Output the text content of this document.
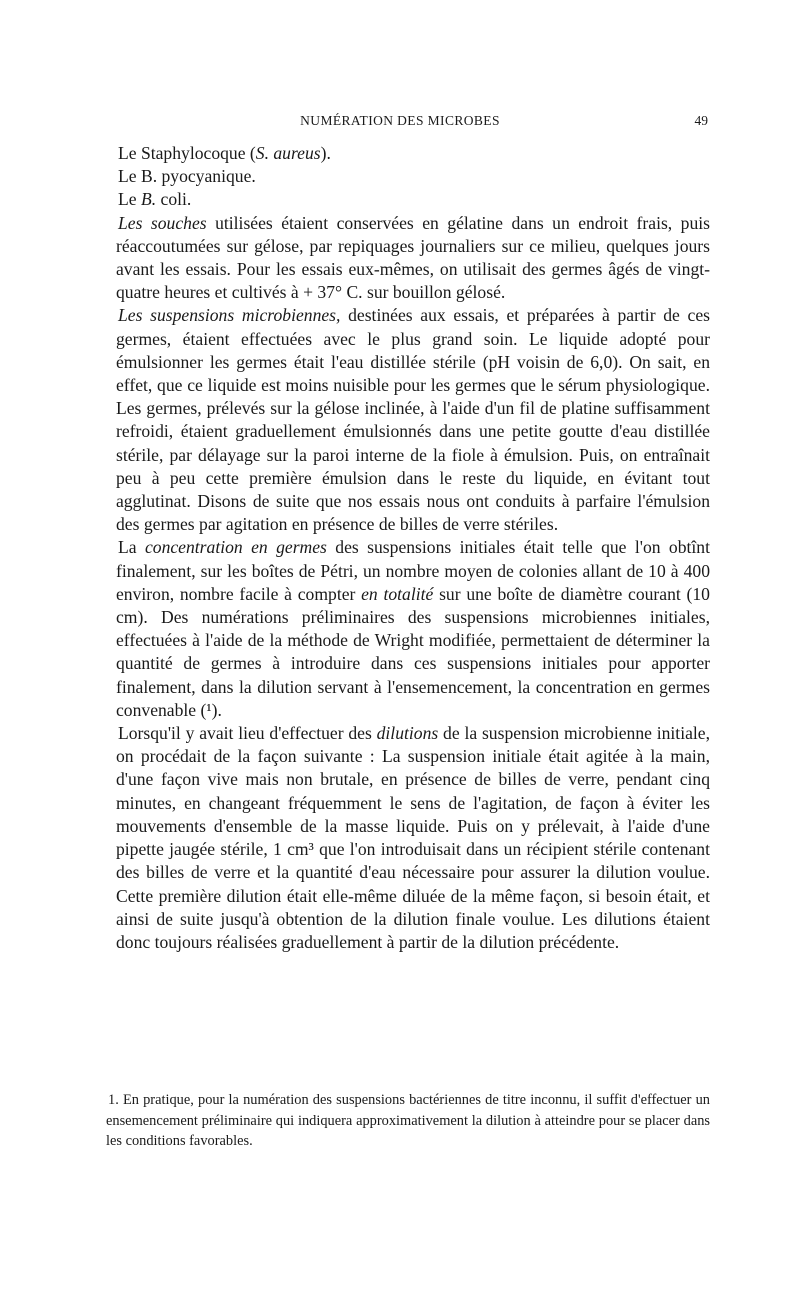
NUMÉRATION DES MICROBES	49

Le Staphylocoque (S. aureus).

Le B. pyocyanique.

Le B. coli.

Les souches utilisées étaient conservées en gélatine dans un endroit frais, puis réaccoutumées sur gélose, par repiquages journaliers sur ce milieu, quelques jours avant les essais. Pour les essais eux-mêmes, on utilisait des germes âgés de vingt-quatre heures et cultivés à + 37° C. sur bouillon gélosé.

Les suspensions microbiennes, destinées aux essais, et préparées à partir de ces germes, étaient effectuées avec le plus grand soin. Le liquide adopté pour émulsionner les germes était l'eau distillée stérile (pH voisin de 6,0). On sait, en effet, que ce liquide est moins nuisible pour les germes que le sérum physiologique. Les germes, prélevés sur la gélose inclinée, à l'aide d'un fil de platine suffisamment refroidi, étaient graduellement émulsionnés dans une petite goutte d'eau distillée stérile, par délayage sur la paroi interne de la fiole à émulsion. Puis, on entraînait peu à peu cette première émulsion dans le reste du liquide, en évitant tout agglutinat. Disons de suite que nos essais nous ont conduits à parfaire l'émulsion des germes par agitation en présence de billes de verre stériles.

La concentration en germes des suspensions initiales était telle que l'on obtînt finalement, sur les boîtes de Pétri, un nombre moyen de colonies allant de 10 à 400 environ, nombre facile à compter en totalité sur une boîte de diamètre courant (10 cm). Des numérations préliminaires des suspensions microbiennes initiales, effectuées à l'aide de la méthode de Wright modifiée, permettaient de déterminer la quantité de germes à introduire dans ces suspensions initiales pour apporter finalement, dans la dilution servant à l'ensemencement, la concentration en germes convenable (¹).

Lorsqu'il y avait lieu d'effectuer des dilutions de la suspension microbienne initiale, on procédait de la façon suivante : La suspension initiale était agitée à la main, d'une façon vive mais non brutale, en présence de billes de verre, pendant cinq minutes, en changeant fréquemment le sens de l'agitation, de façon à éviter les mouvements d'ensemble de la masse liquide. Puis on y prélevait, à l'aide d'une pipette jaugée stérile, 1 cm³ que l'on introduisait dans un récipient stérile contenant des billes de verre et la quantité d'eau nécessaire pour assurer la dilution voulue. Cette première dilution était elle-même diluée de la même façon, si besoin était, et ainsi de suite jusqu'à obtention de la dilution finale voulue. Les dilutions étaient donc toujours réalisées graduellement à partir de la dilution précédente.

1. En pratique, pour la numération des suspensions bactériennes de titre inconnu, il suffit d'effectuer un ensemencement préliminaire qui indiquera approximativement la dilution à atteindre pour se placer dans les conditions favorables.
